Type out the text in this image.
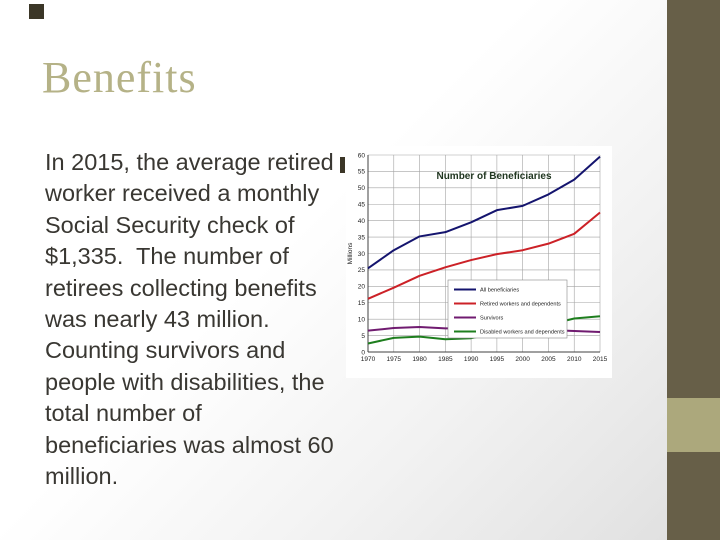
Benefits

In 2015, the average retired worker received a monthly Social Security check of $1,335.  The number of retirees collecting benefits was nearly 43 million.  Counting survivors and people with disabilities, the total number of beneficiaries was almost 60 million.

0
5
10
15
20
25
30
35
40
45
50
55
60
1970 1975 1980 1985 1990 1995 2000 2005 2010 2015
Number of Beneficiaries
Millions
All beneficiaries
Retired workers and dependents
Survivors
Disabled workers and dependents
